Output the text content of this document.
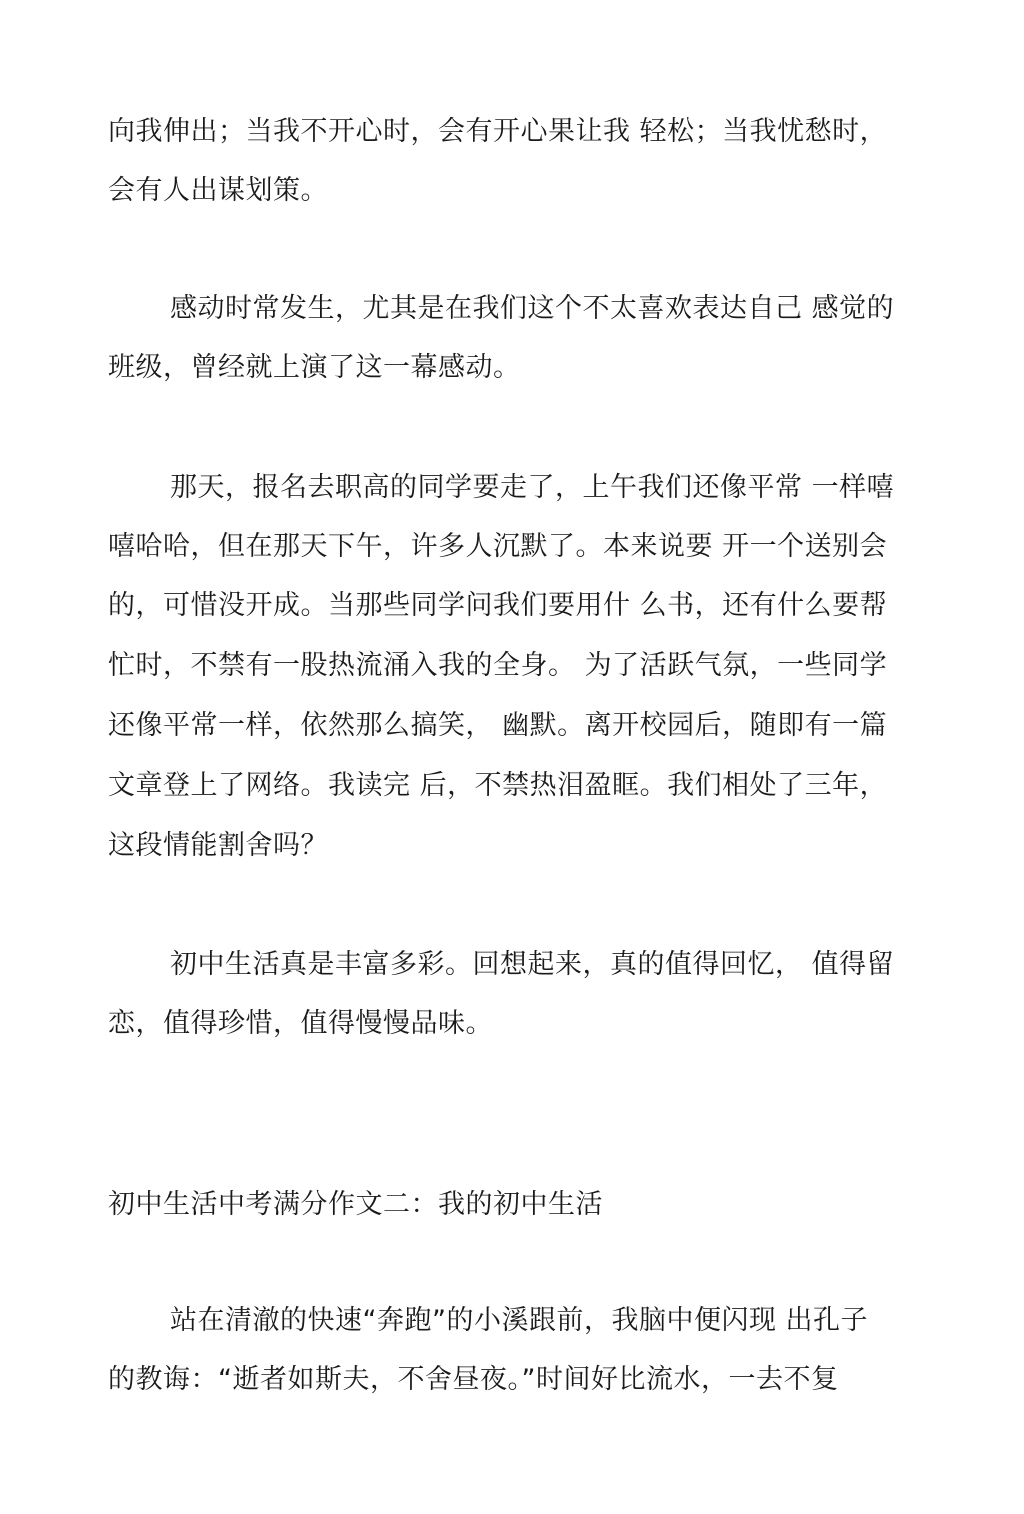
向我伸出；当我不开心时，会有开心果让我 轻松；当我忧愁时，
会有人出谋划策。
感动时常发生，尤其是在我们这个不太喜欢表达自己 感觉的
班级，曾经就上演了这一幕感动。
那天，报名去职高的同学要走了，上午我们还像平常 一样嘻
嘻哈哈，但在那天下午，许多人沉默了。本来说要 开一个送别会
的，可惜没开成。当那些同学问我们要用什 么书，还有什么要帮
忙时，不禁有一股热流涌入我的全身。 为了活跃气氛，一些同学
还像平常一样，依然那么搞笑， 幽默。离开校园后，随即有一篇
文章登上了网络。我读完 后，不禁热泪盈眶。我们相处了三年，
这段情能割舍吗？
初中生活真是丰富多彩。回想起来，真的值得回忆， 值得留
恋，值得珍惜，值得慢慢品味。
初中生活中考满分作文二：我的初中生活
站在清澈的快速“奔跑”的小溪跟前，我脑中便闪现 出孔子
的教诲：“逝者如斯夫，不舍昼夜。”时间好比流水，一去不复
